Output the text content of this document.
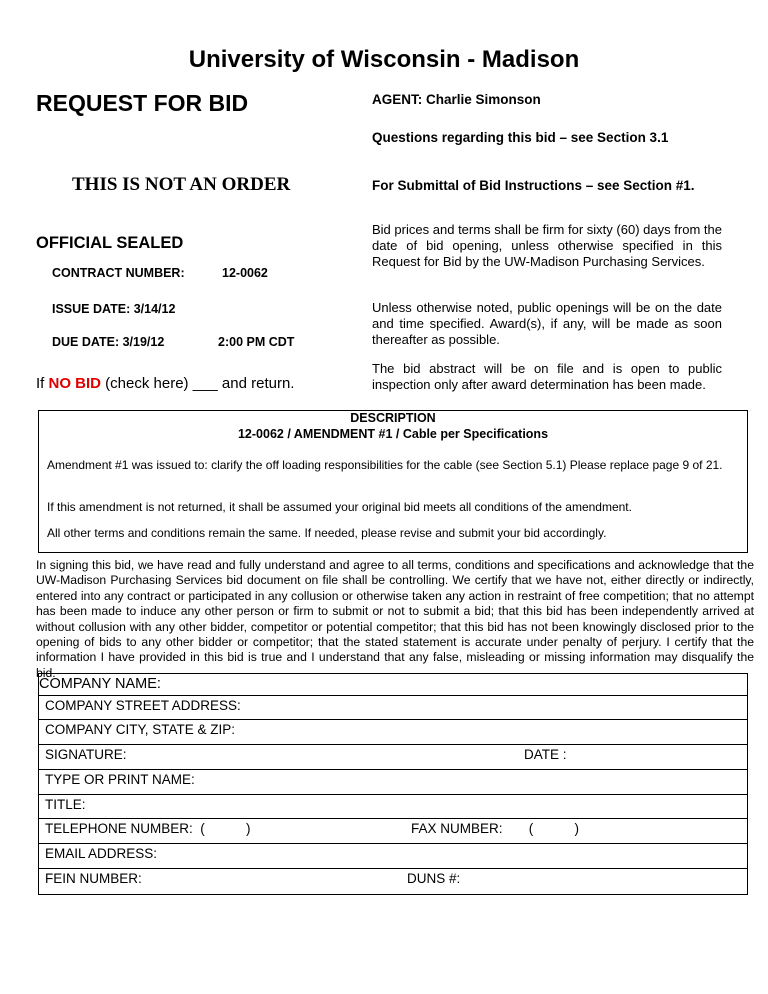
University of Wisconsin - Madison
REQUEST FOR BID	AGENT: Charlie Simonson
Questions regarding this bid – see Section 3.1
THIS IS NOT AN ORDER	For Submittal of Bid Instructions – see Section #1.
Bid prices and terms shall be firm for sixty (60) days from the date of bid opening, unless otherwise specified in this Request for Bid by the UW-Madison Purchasing Services.
Unless otherwise noted, public openings will be on the date and time specified. Award(s), if any, will be made as soon thereafter as possible.
The bid abstract will be on file and is open to public inspection only after award determination has been made.
OFFICIAL SEALED
CONTRACT NUMBER:	12-0062
ISSUE DATE: 3/14/12
DUE DATE: 3/19/12	2:00 PM CDT
If NO BID (check here) ___ and return.
DESCRIPTION
12-0062 / AMENDMENT #1 / Cable per Specifications
Amendment #1 was issued to: clarify the off loading responsibilities for the cable (see Section 5.1) Please replace page 9 of 21.
If this amendment is not returned, it shall be assumed your original bid meets all conditions of the amendment.
All other terms and conditions remain the same. If needed, please revise and submit your bid accordingly.
In signing this bid, we have read and fully understand and agree to all terms, conditions and specifications and acknowledge that the UW-Madison Purchasing Services bid document on file shall be controlling. We certify that we have not, either directly or indirectly, entered into any contract or participated in any collusion or otherwise taken any action in restraint of free competition; that no attempt has been made to induce any other person or firm to submit or not to submit a bid; that this bid has been independently arrived at without collusion with any other bidder, competitor or potential competitor; that this bid has not been knowingly disclosed prior to the opening of bids to any other bidder or competitor; that the stated statement is accurate under penalty of perjury. I certify that the information I have provided in this bid is true and I understand that any false, misleading or missing information may disqualify the bid.
COMPANY NAME:
COMPANY STREET ADDRESS:
COMPANY CITY, STATE & ZIP:
SIGNATURE:	DATE :
TYPE OR PRINT NAME:
TITLE:
TELEPHONE NUMBER:  (           )	FAX NUMBER:       (           )
EMAIL ADDRESS:
FEIN NUMBER:	DUNS #:
